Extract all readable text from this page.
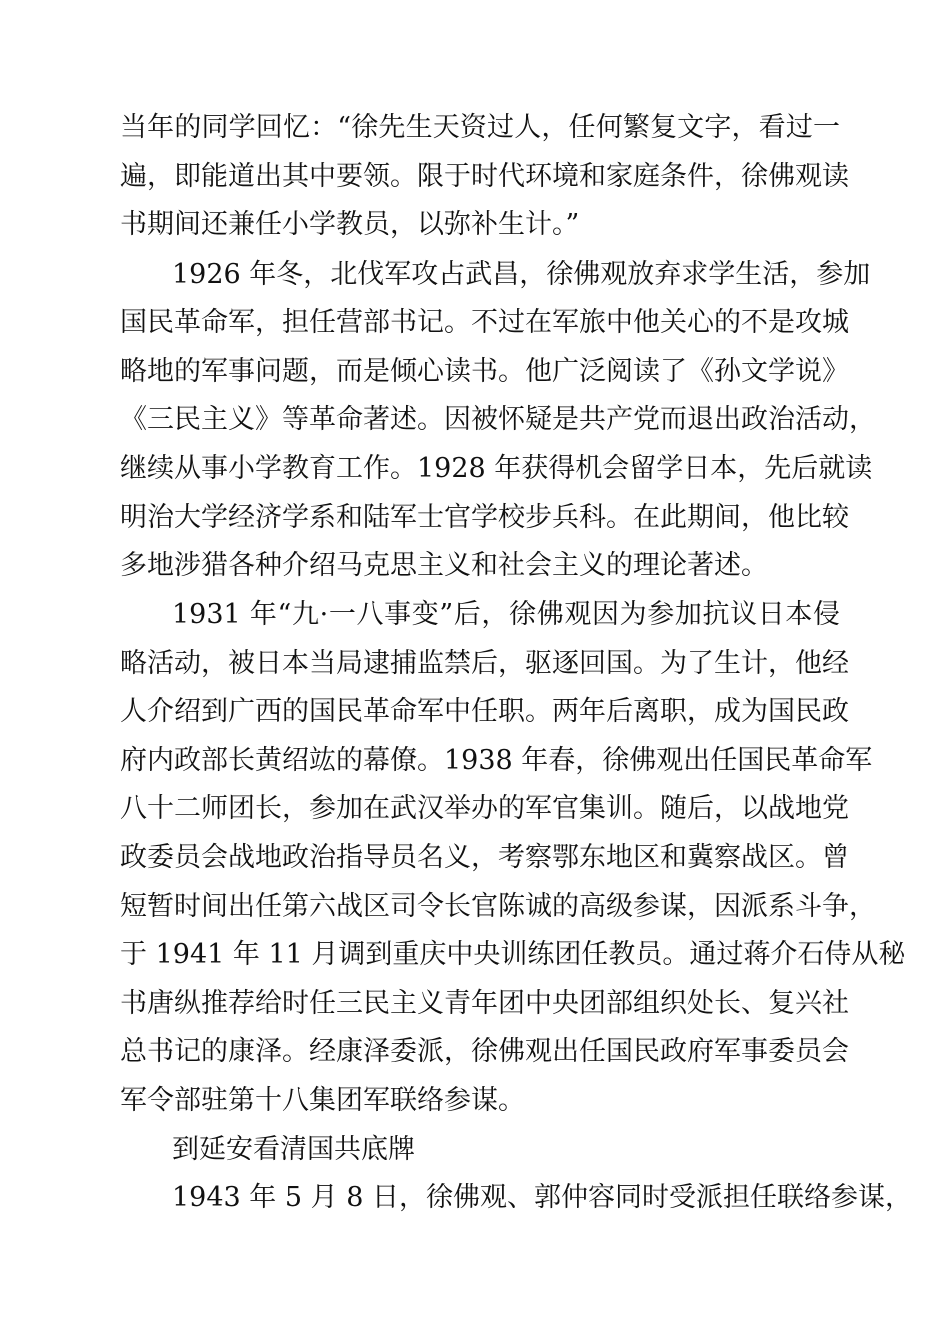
当年的同学回忆：“徐先生天资过人，任何繁复文字，看过一
遍，即能道出其中要领。限于时代环境和家庭条件，徐佛观读
书期间还兼任小学教员，以弥补生计。”
1926 年冬，北伐军攻占武昌，徐佛观放弃求学生活，参加
国民革命军，担任营部书记。不过在军旅中他关心的不是攻城
略地的军事问题，而是倾心读书。他广泛阅读了《孙文学说》
《三民主义》等革命著述。因被怀疑是共产党而退出政治活动，
继续从事小学教育工作。1928 年获得机会留学日本，先后就读
明治大学经济学系和陆军士官学校步兵科。在此期间，他比较
多地涉猎各种介绍马克思主义和社会主义的理论著述。
1931 年“九·一八事变”后，徐佛观因为参加抗议日本侵
略活动，被日本当局逮捕监禁后，驱逐回国。为了生计，他经
人介绍到广西的国民革命军中任职。两年后离职，成为国民政
府内政部长黄绍竑的幕僚。1938 年春，徐佛观出任国民革命军
八十二师团长，参加在武汉举办的军官集训。随后，以战地党
政委员会战地政治指导员名义，考察鄂东地区和冀察战区。曾
短暂时间出任第六战区司令长官陈诚的高级参谋，因派系斗争，
于 1941 年 11 月调到重庆中央训练团任教员。通过蒋介石侍从秘
书唐纵推荐给时任三民主义青年团中央团部组织处长、复兴社
总书记的康泽。经康泽委派，徐佛观出任国民政府军事委员会
军令部驻第十八集团军联络参谋。
到延安看清国共底牌
1943 年 5 月 8 日，徐佛观、郭仲容同时受派担任联络参谋，
